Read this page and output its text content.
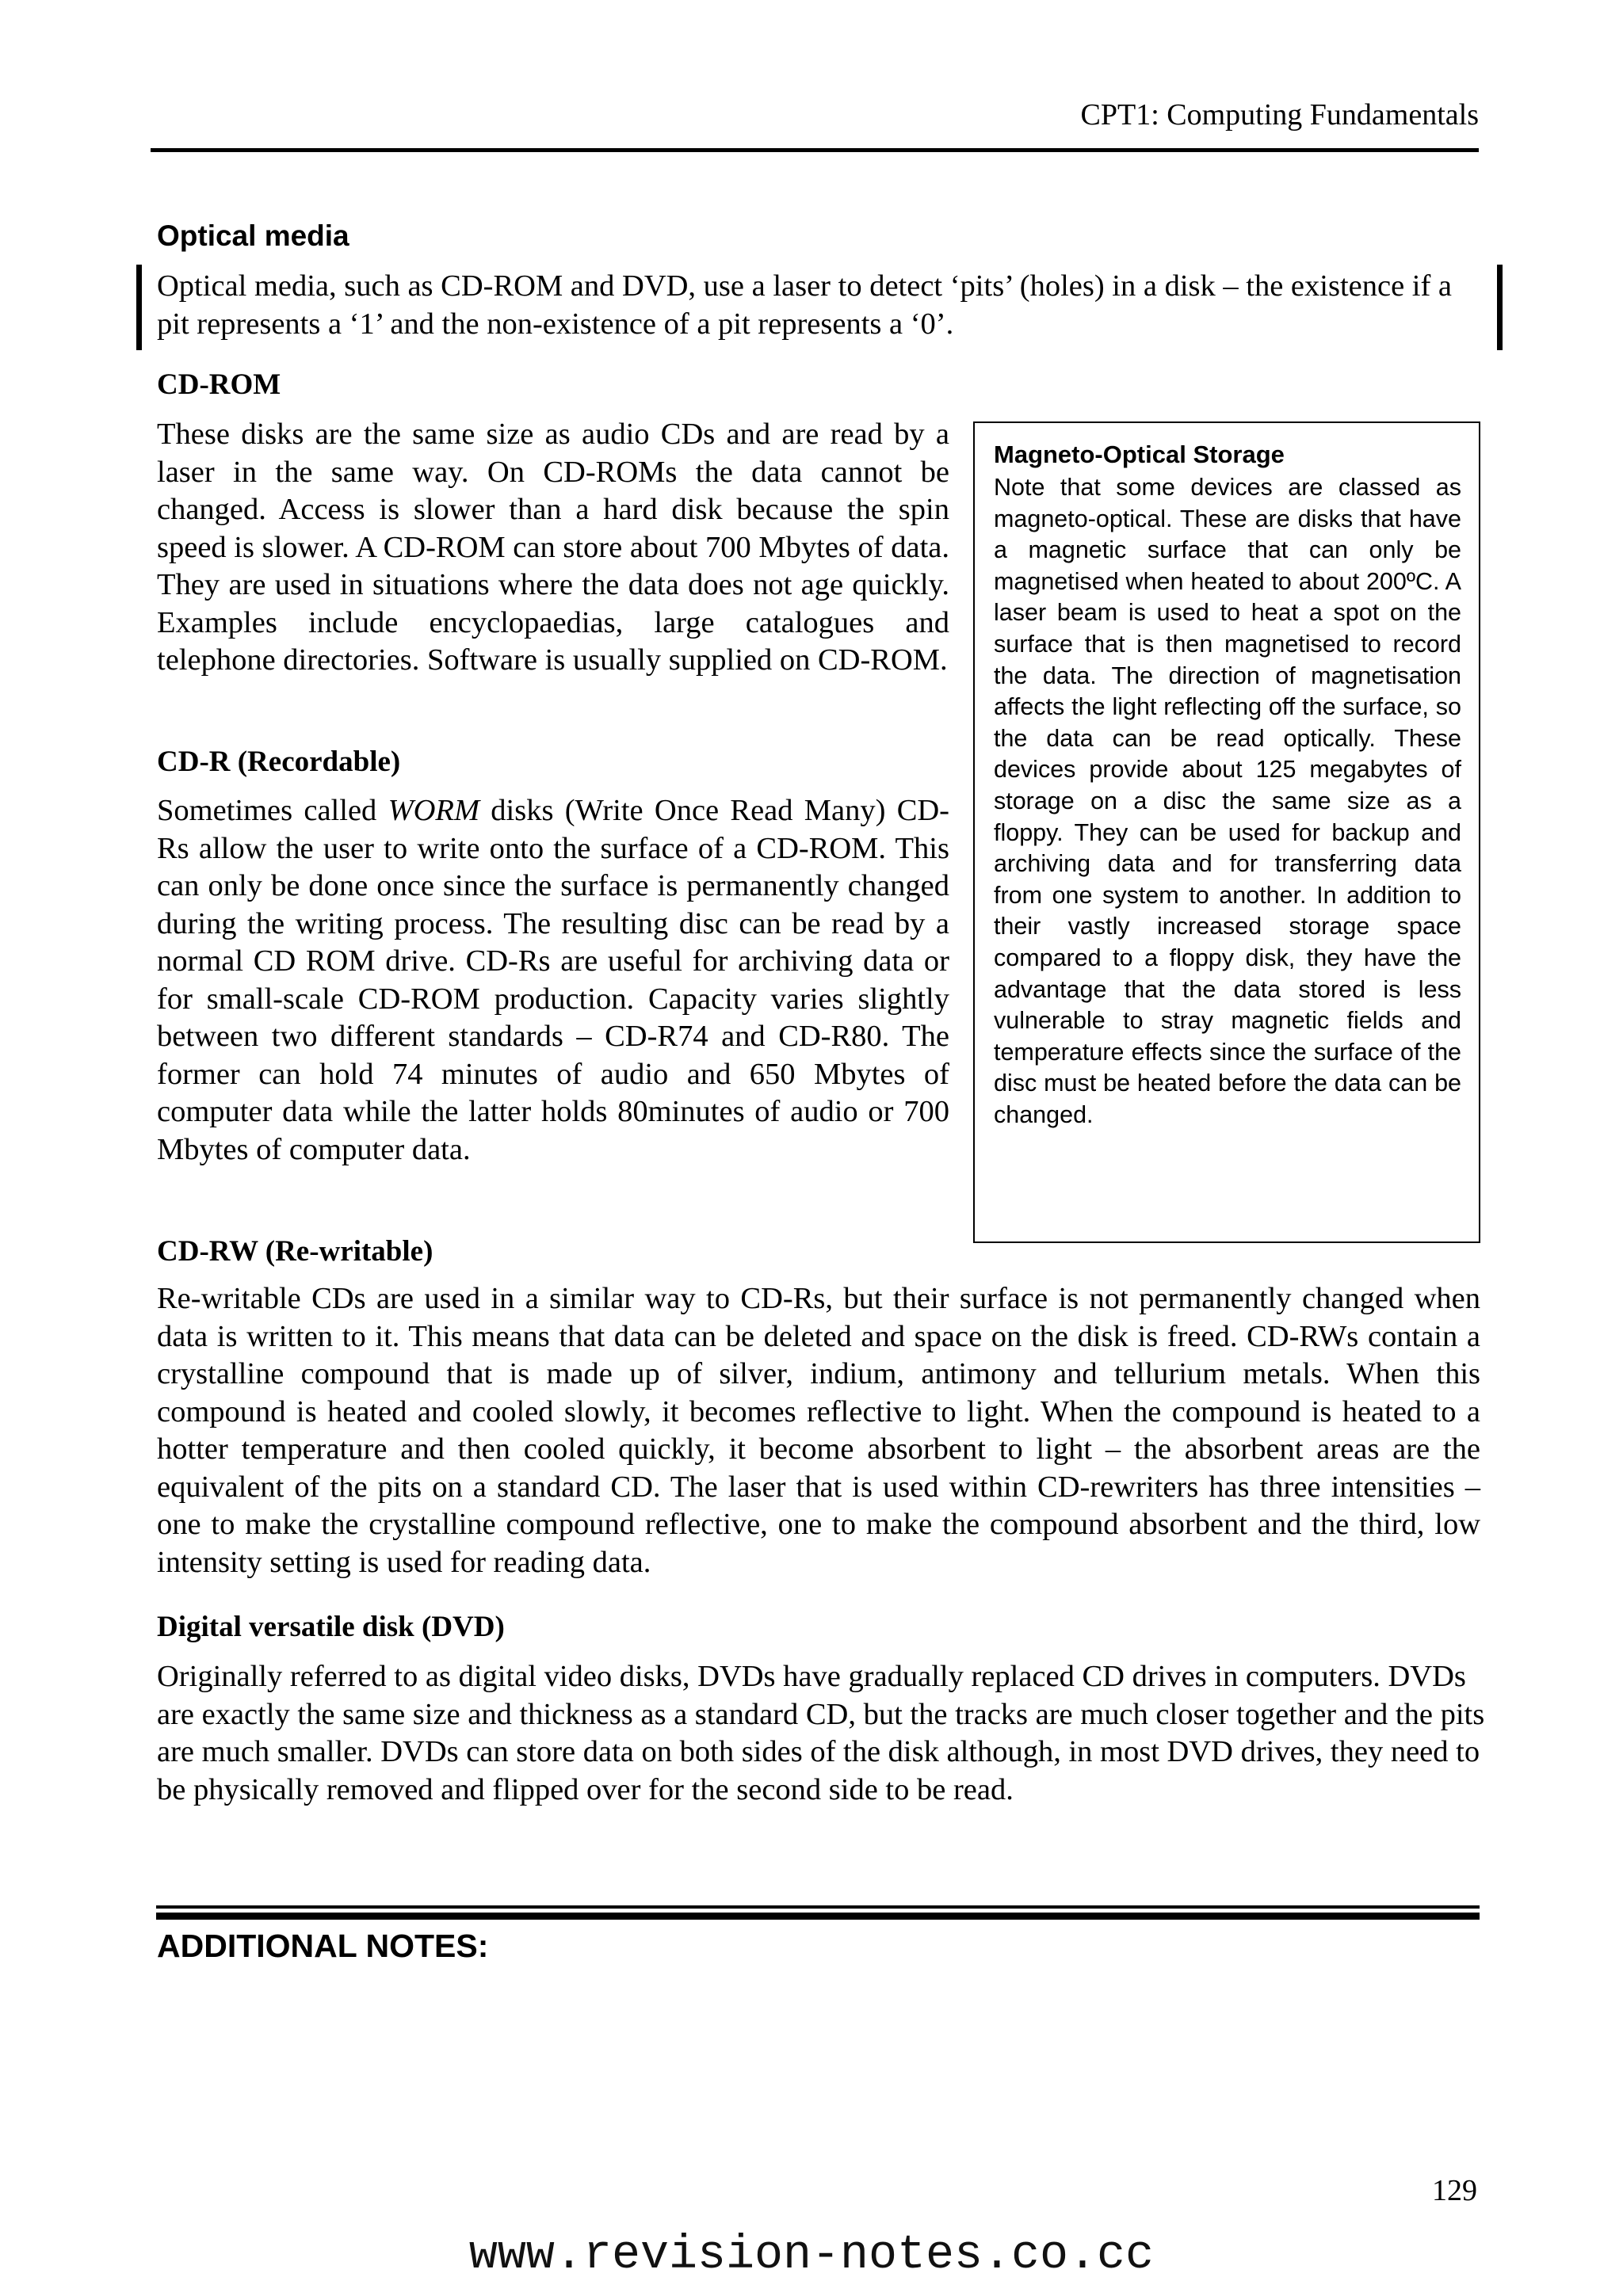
CPT1: Computing Fundamentals
Optical media
Optical media, such as CD-ROM and DVD, use a laser to detect ‘pits’ (holes) in a disk – the existence if a pit represents a ‘1’ and the non-existence of a pit represents a ‘0’.
CD-ROM
These disks are the same size as audio CDs and are read by a laser in the same way. On CD-ROMs the data cannot be changed. Access is slower than a hard disk because the spin speed is slower. A CD-ROM can store about 700 Mbytes of data. They are used in situations where the data does not age quickly. Examples include encyclopaedias, large catalogues and telephone directories. Software is usually supplied on CD-ROM.
CD-R (Recordable)
Sometimes called WORM disks (Write Once Read Many) CD-Rs allow the user to write onto the surface of a CD-ROM. This can only be done once since the surface is permanently changed during the writing process. The resulting disc can be read by a normal CD ROM drive. CD-Rs are useful for archiving data or for small-scale CD-ROM production. Capacity varies slightly between two different standards – CD-R74 and CD-R80. The former can hold 74 minutes of audio and 650 Mbytes of computer data while the latter holds 80minutes of audio or 700 Mbytes of computer data.
Magneto-Optical Storage
Note that some devices are classed as magneto-optical. These are disks that have a magnetic surface that can only be magnetised when heated to about 200ºC. A laser beam is used to heat a spot on the surface that is then magnetised to record the data. The direction of magnetisation affects the light reflecting off the surface, so the data can be read optically. These devices provide about 125 megabytes of storage on a disc the same size as a floppy. They can be used for backup and archiving data and for transferring data from one system to another. In addition to their vastly increased storage space compared to a floppy disk, they have the advantage that the data stored is less vulnerable to stray magnetic fields and temperature effects since the surface of the disc must be heated before the data can be changed.
CD-RW (Re-writable)
Re-writable CDs are used in a similar way to CD-Rs, but their surface is not permanently changed when data is written to it. This means that data can be deleted and space on the disk is freed. CD-RWs contain a crystalline compound that is made up of silver, indium, antimony and tellurium metals. When this compound is heated and cooled slowly, it becomes reflective to light. When the compound is heated to a hotter temperature and then cooled quickly, it become absorbent to light – the absorbent areas are the equivalent of the pits on a standard CD. The laser that is used within CD-rewriters has three intensities – one to make the crystalline compound reflective, one to make the compound absorbent and the third, low intensity setting is used for reading data.
Digital versatile disk (DVD)
Originally referred to as digital video disks, DVDs have gradually replaced CD drives in computers. DVDs are exactly the same size and thickness as a standard CD, but the tracks are much closer together and the pits are much smaller. DVDs can store data on both sides of the disk although, in most DVD drives, they need to be physically removed and flipped over for the second side to be read.
ADDITIONAL NOTES:
129
www.revision-notes.co.cc
